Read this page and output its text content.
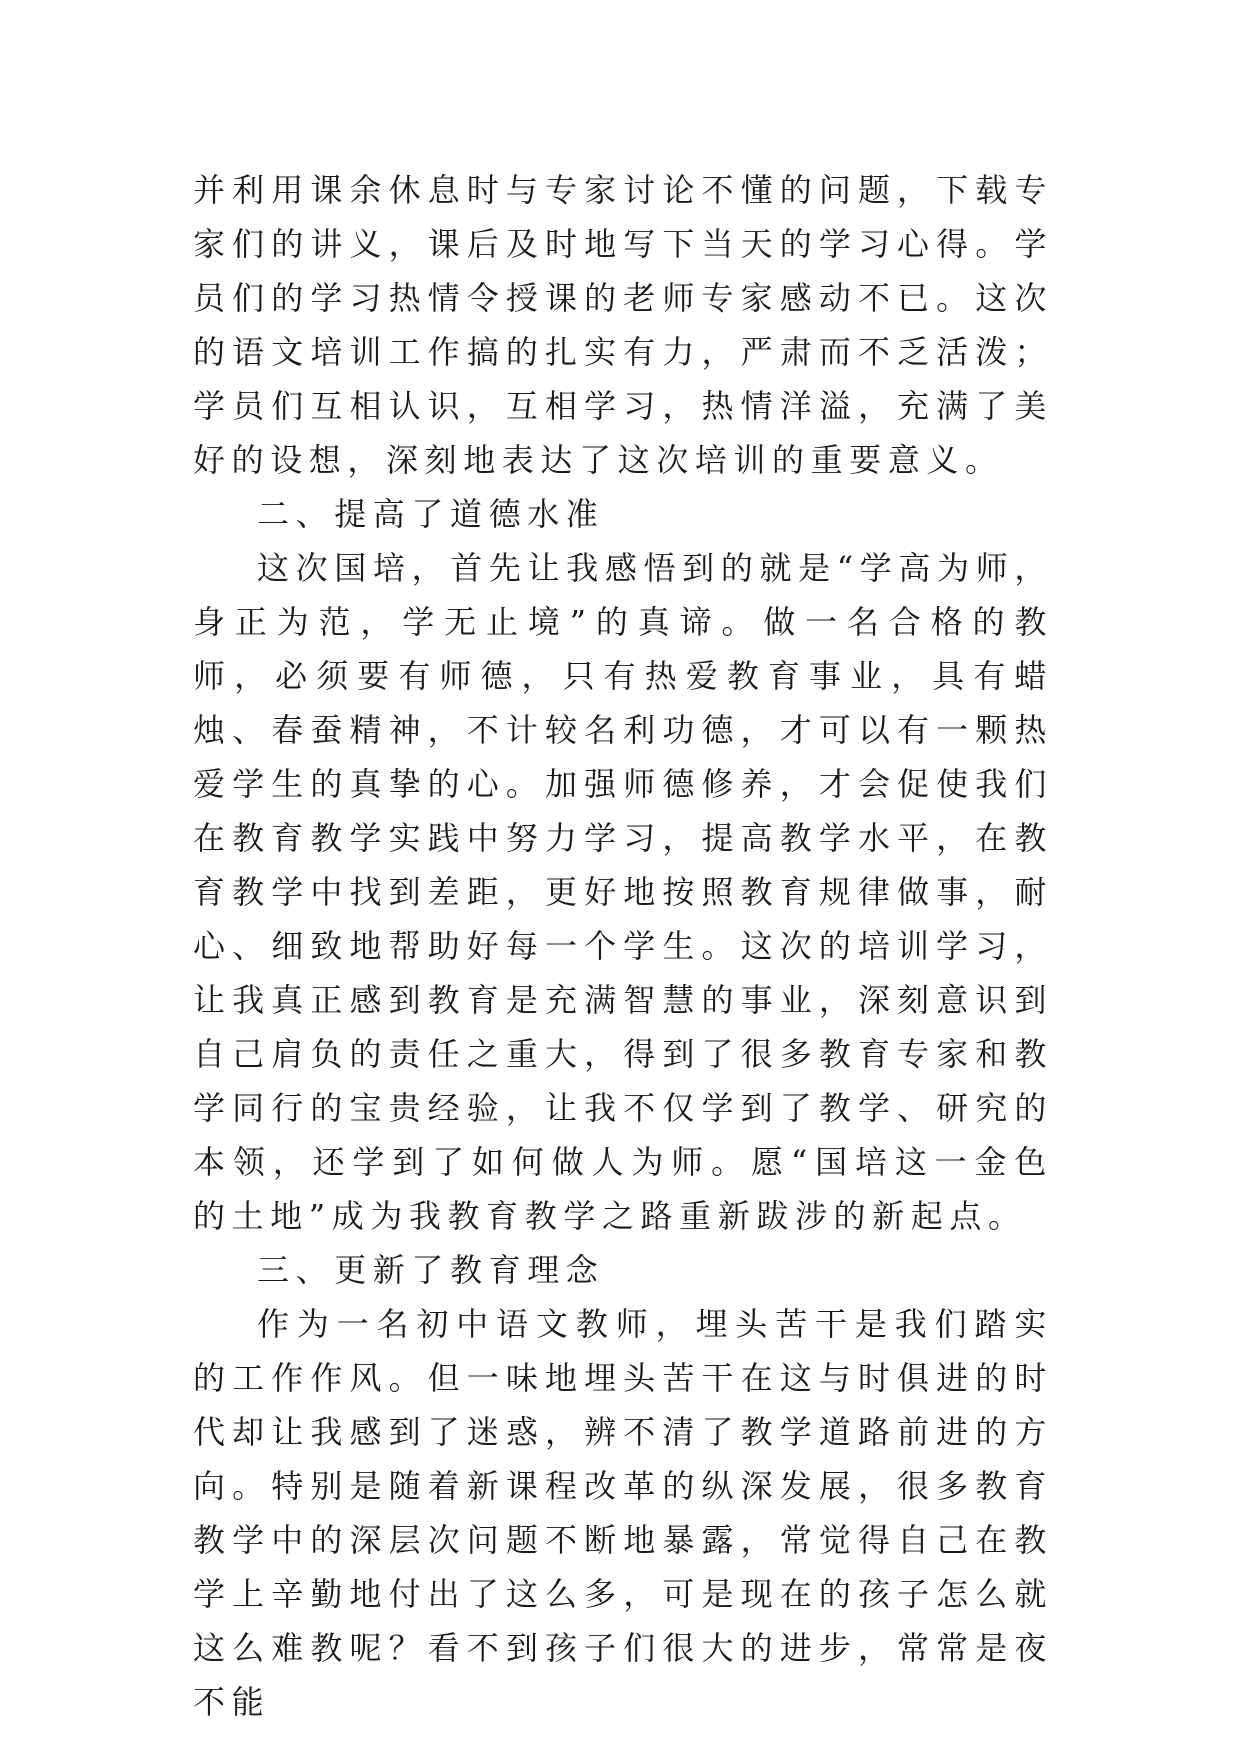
并利用课余休息时与专家讨论不懂的问题，下载专家们的讲义，课后及时地写下当天的学习心得。学员们的学习热情令授课的老师专家感动不已。这次的语文培训工作搞的扎实有力，严肃而不乏活泼；学员们互相认识，互相学习，热情洋溢，充满了美好的设想，深刻地表达了这次培训的重要意义。

二、提高了道德水准

这次国培，首先让我感悟到的就是“学高为师，身正为范，学无止境”的真谛。做一名合格的教师，必须要有师德，只有热爱教育事业，具有蜡烛、春蚕精神，不计较名利功德，才可以有一颗热爱学生的真挚的心。加强师德修养，才会促使我们在教育教学实践中努力学习，提高教学水平，在教育教学中找到差距，更好地按照教育规律做事，耐心、细致地帮助好每一个学生。这次的培训学习，让我真正感到教育是充满智慧的事业，深刻意识到自己肩负的责任之重大，得到了很多教育专家和教学同行的宝贵经验，让我不仅学到了教学、研究的本领，还学到了如何做人为师。愿“国培这一金色的土地”成为我教育教学之路重新跋涉的新起点。

三、更新了教育理念

作为一名初中语文教师，埋头苦干是我们踏实的工作作风。但一味地埋头苦干在这与时俱进的时代却让我感到了迷惑，辨不清了教学道路前进的方向。特别是随着新课程改革的纵深发展，很多教育教学中的深层次问题不断地暴露，常觉得自己在教学上辛勤地付出了这么多，可是现在的孩子怎么就这么难教呢？看不到孩子们很大的进步，常常是夜不能
